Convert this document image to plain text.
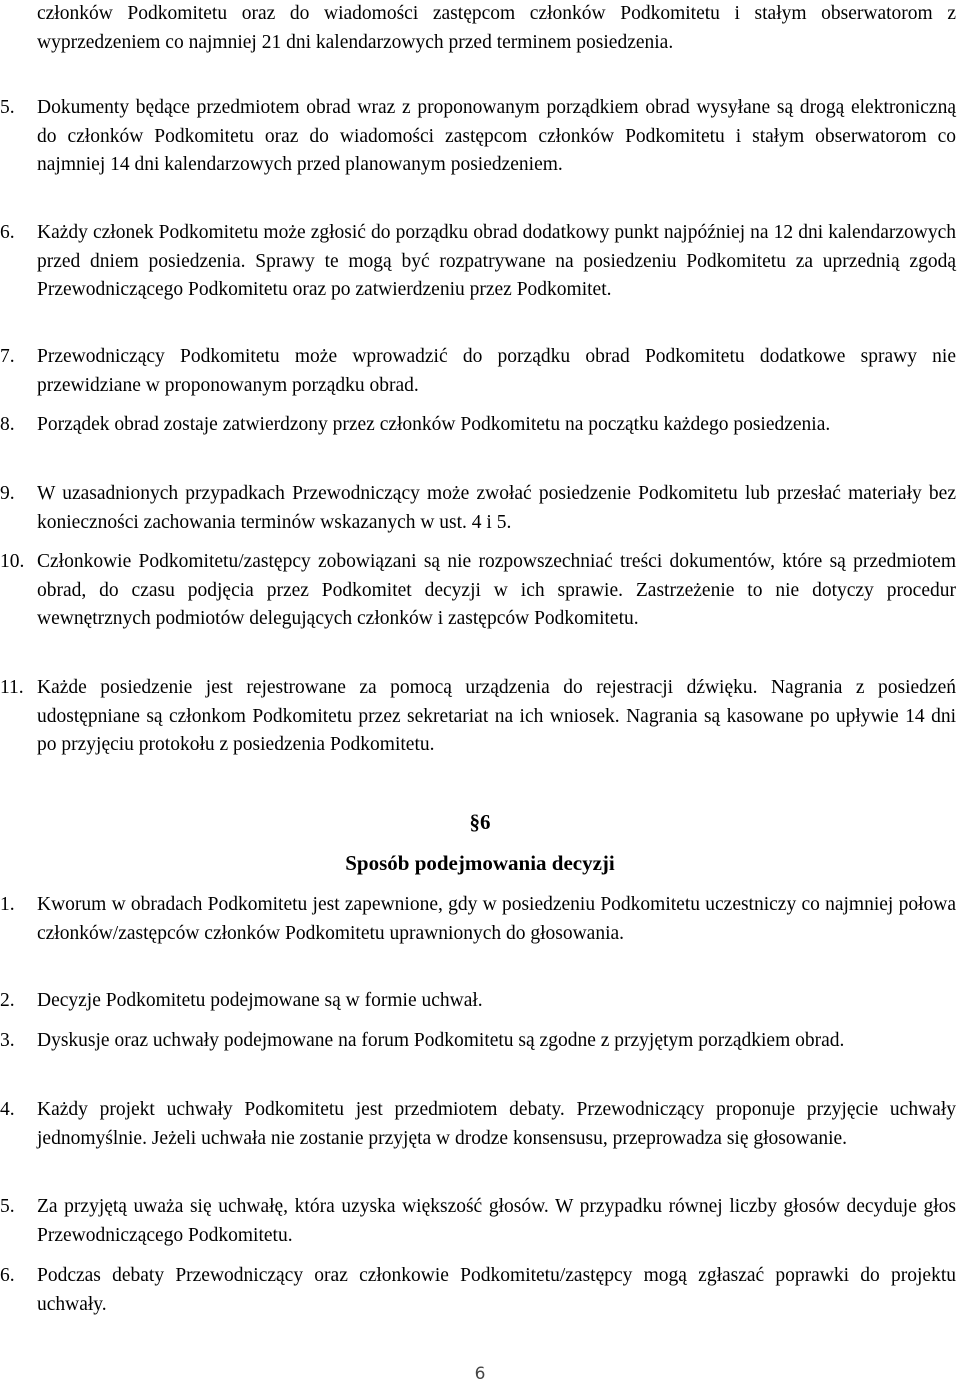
członków Podkomitetu oraz do wiadomości zastępcom członków Podkomitetu i stałym obserwatorom z wyprzedzeniem co najmniej 21 dni kalendarzowych przed terminem posiedzenia.
5.	Dokumenty będące przedmiotem obrad wraz z proponowanym porządkiem obrad wysyłane są drogą elektroniczną do członków Podkomitetu oraz do wiadomości zastępcom członków Podkomitetu i stałym obserwatorom co najmniej 14 dni kalendarzowych przed planowanym posiedzeniem.
6.	Każdy członek Podkomitetu może zgłosić do porządku obrad dodatkowy punkt najpóźniej na 12 dni kalendarzowych przed dniem posiedzenia. Sprawy te mogą być rozpatrywane na posiedzeniu Podkomitetu za uprzednią zgodą Przewodniczącego Podkomitetu oraz po zatwierdzeniu przez Podkomitet.
7.	Przewodniczący Podkomitetu może wprowadzić do porządku obrad Podkomitetu dodatkowe sprawy nie przewidziane w proponowanym porządku obrad.
8.	Porządek obrad zostaje zatwierdzony przez członków Podkomitetu na początku każdego posiedzenia.
9.	W uzasadnionych przypadkach Przewodniczący może zwołać posiedzenie Podkomitetu lub przesłać materiały bez konieczności zachowania terminów wskazanych w ust. 4 i 5.
10. Członkowie Podkomitetu/zastępcy zobowiązani są nie rozpowszechniać treści dokumentów, które są przedmiotem obrad, do czasu podjęcia przez Podkomitet decyzji w ich sprawie. Zastrzeżenie to nie dotyczy procedur wewnętrznych podmiotów delegujących członków i zastępców Podkomitetu.
11. Każde posiedzenie jest rejestrowane za pomocą urządzenia do rejestracji dźwięku. Nagrania z posiedzeń udostępniane są członkom Podkomitetu przez sekretariat na ich wniosek. Nagrania są kasowane po upływie 14 dni po przyjęciu protokołu z posiedzenia Podkomitetu.
§6
Sposób podejmowania decyzji
1.	Kworum w obradach Podkomitetu jest zapewnione, gdy w posiedzeniu Podkomitetu uczestniczy co najmniej połowa członków/zastępców członków Podkomitetu uprawnionych do głosowania.
2.	Decyzje Podkomitetu podejmowane są w formie uchwał.
3.	Dyskusje oraz uchwały podejmowane na forum Podkomitetu są zgodne z przyjętym porządkiem obrad.
4.	Każdy projekt uchwały Podkomitetu jest przedmiotem debaty. Przewodniczący proponuje przyjęcie uchwały jednomyślnie. Jeżeli uchwała nie zostanie przyjęta w drodze konsensusu, przeprowadza się głosowanie.
5.	Za przyjętą uważa się uchwałę, która uzyska większość głosów. W przypadku równej liczby głosów decyduje głos Przewodniczącego Podkomitetu.
6.	Podczas debaty Przewodniczący oraz członkowie Podkomitetu/zastępcy mogą zgłaszać poprawki do projektu uchwały.
6
